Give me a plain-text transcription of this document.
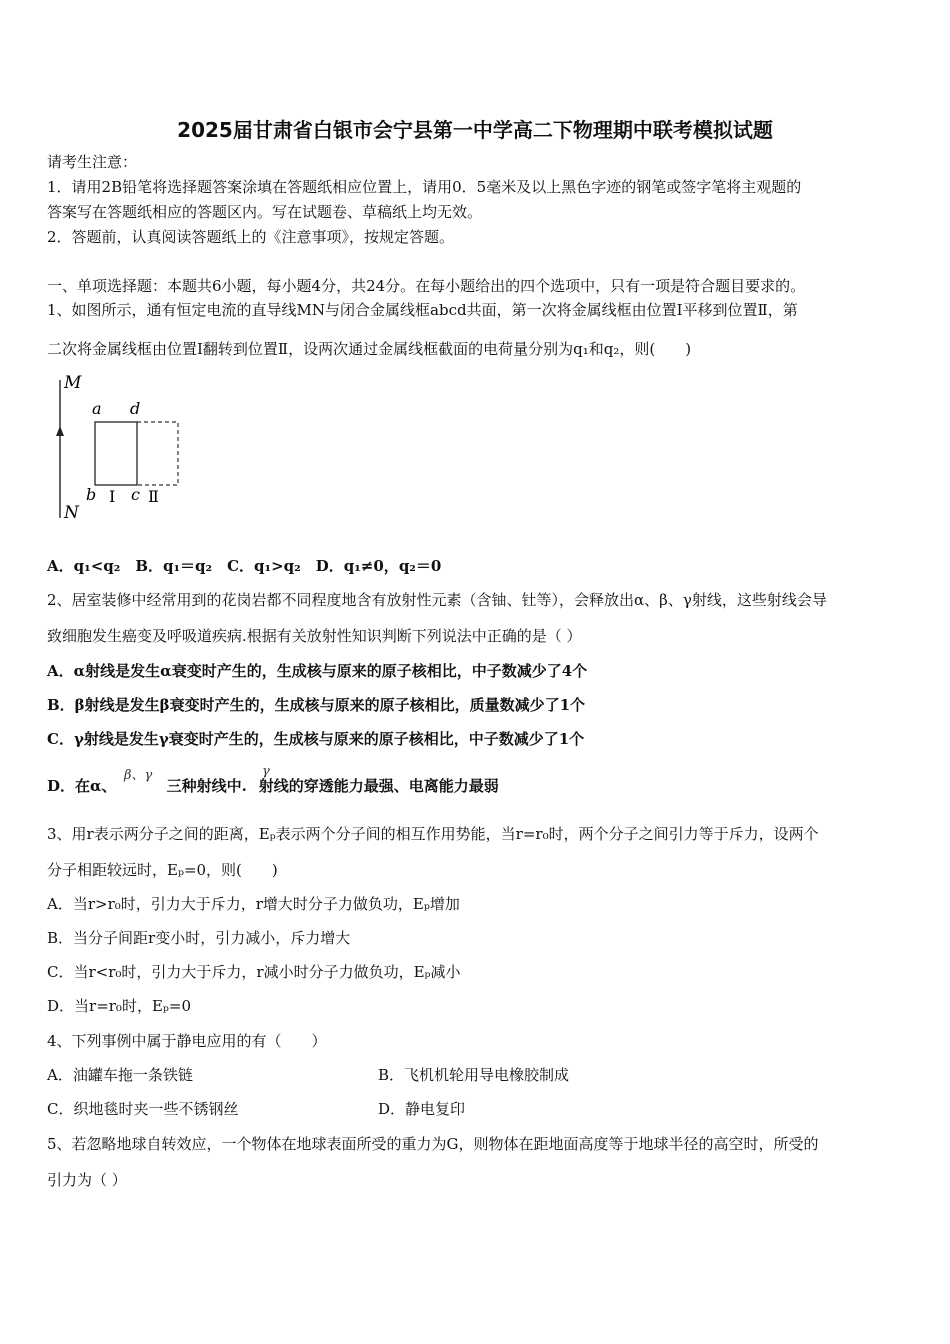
2025届甘肃省白银市会宁县第一中学高二下物理期中联考模拟试题
请考生注意：
1．请用2B铅笔将选择题答案涂填在答题纸相应位置上，请用0．5毫米及以上黑色字迹的钢笔或签字笔将主观题的
答案写在答题纸相应的答题区内。写在试题卷、草稿纸上均无效。
2．答题前，认真阅读答题纸上的《注意事项》，按规定答题。
一、单项选择题：本题共6小题，每小题4分，共24分。在每小题给出的四个选项中，只有一项是符合题目要求的。
1、如图所示，通有恒定电流的直导线MN与闭合金属线框abcd共面，第一次将金属线框由位置Ⅰ平移到位置Ⅱ，第
二次将金属线框由位置Ⅰ翻转到位置Ⅱ，设两次通过金属线框截面的电荷量分别为q₁和q₂，则(　　)
M
N
a d
b Ⅰ c Ⅱ
A．q₁<q₂　B．q₁＝q₂　C．q₁>q₂　D．q₁≠0，q₂＝0
2、居室装修中经常用到的花岗岩都不同程度地含有放射性元素（含铀、钍等），会释放出α、β、γ射线，这些射线会导
致细胞发生癌变及呼吸道疾病.根据有关放射性知识判断下列说法中正确的是（ ）
A．α射线是发生α衰变时产生的，生成核与原来的原子核相比，中子数减少了4个
B．β射线是发生β衰变时产生的，生成核与原来的原子核相比，质量数减少了1个
C．γ射线是发生γ衰变时产生的，生成核与原来的原子核相比，中子数减少了1个
D．在α、	三种射线中. 射线的穿透能力最强、电离能力最弱
β、γ	γ
3、用r表示两分子之间的距离，Eₚ表示两个分子间的相互作用势能，当r=r₀时，两个分子之间引力等于斥力，设两个
分子相距较远时，Eₚ=0，则(　　)
A．当r>r₀时，引力大于斥力，r增大时分子力做负功，Eₚ增加
B．当分子间距r变小时，引力减小，斥力增大
C．当r<r₀时，引力大于斥力，r减小时分子力做负功，Eₚ减小
D．当r=r₀时，Eₚ=0
4、下列事例中属于静电应用的有（　　）
A．油罐车拖一条铁链	B．飞机机轮用导电橡胶制成
C．织地毯时夹一些不锈钢丝	D．静电复印
5、若忽略地球自转效应，一个物体在地球表面所受的重力为G，则物体在距地面高度等于地球半径的高空时，所受的
引力为（ ）
